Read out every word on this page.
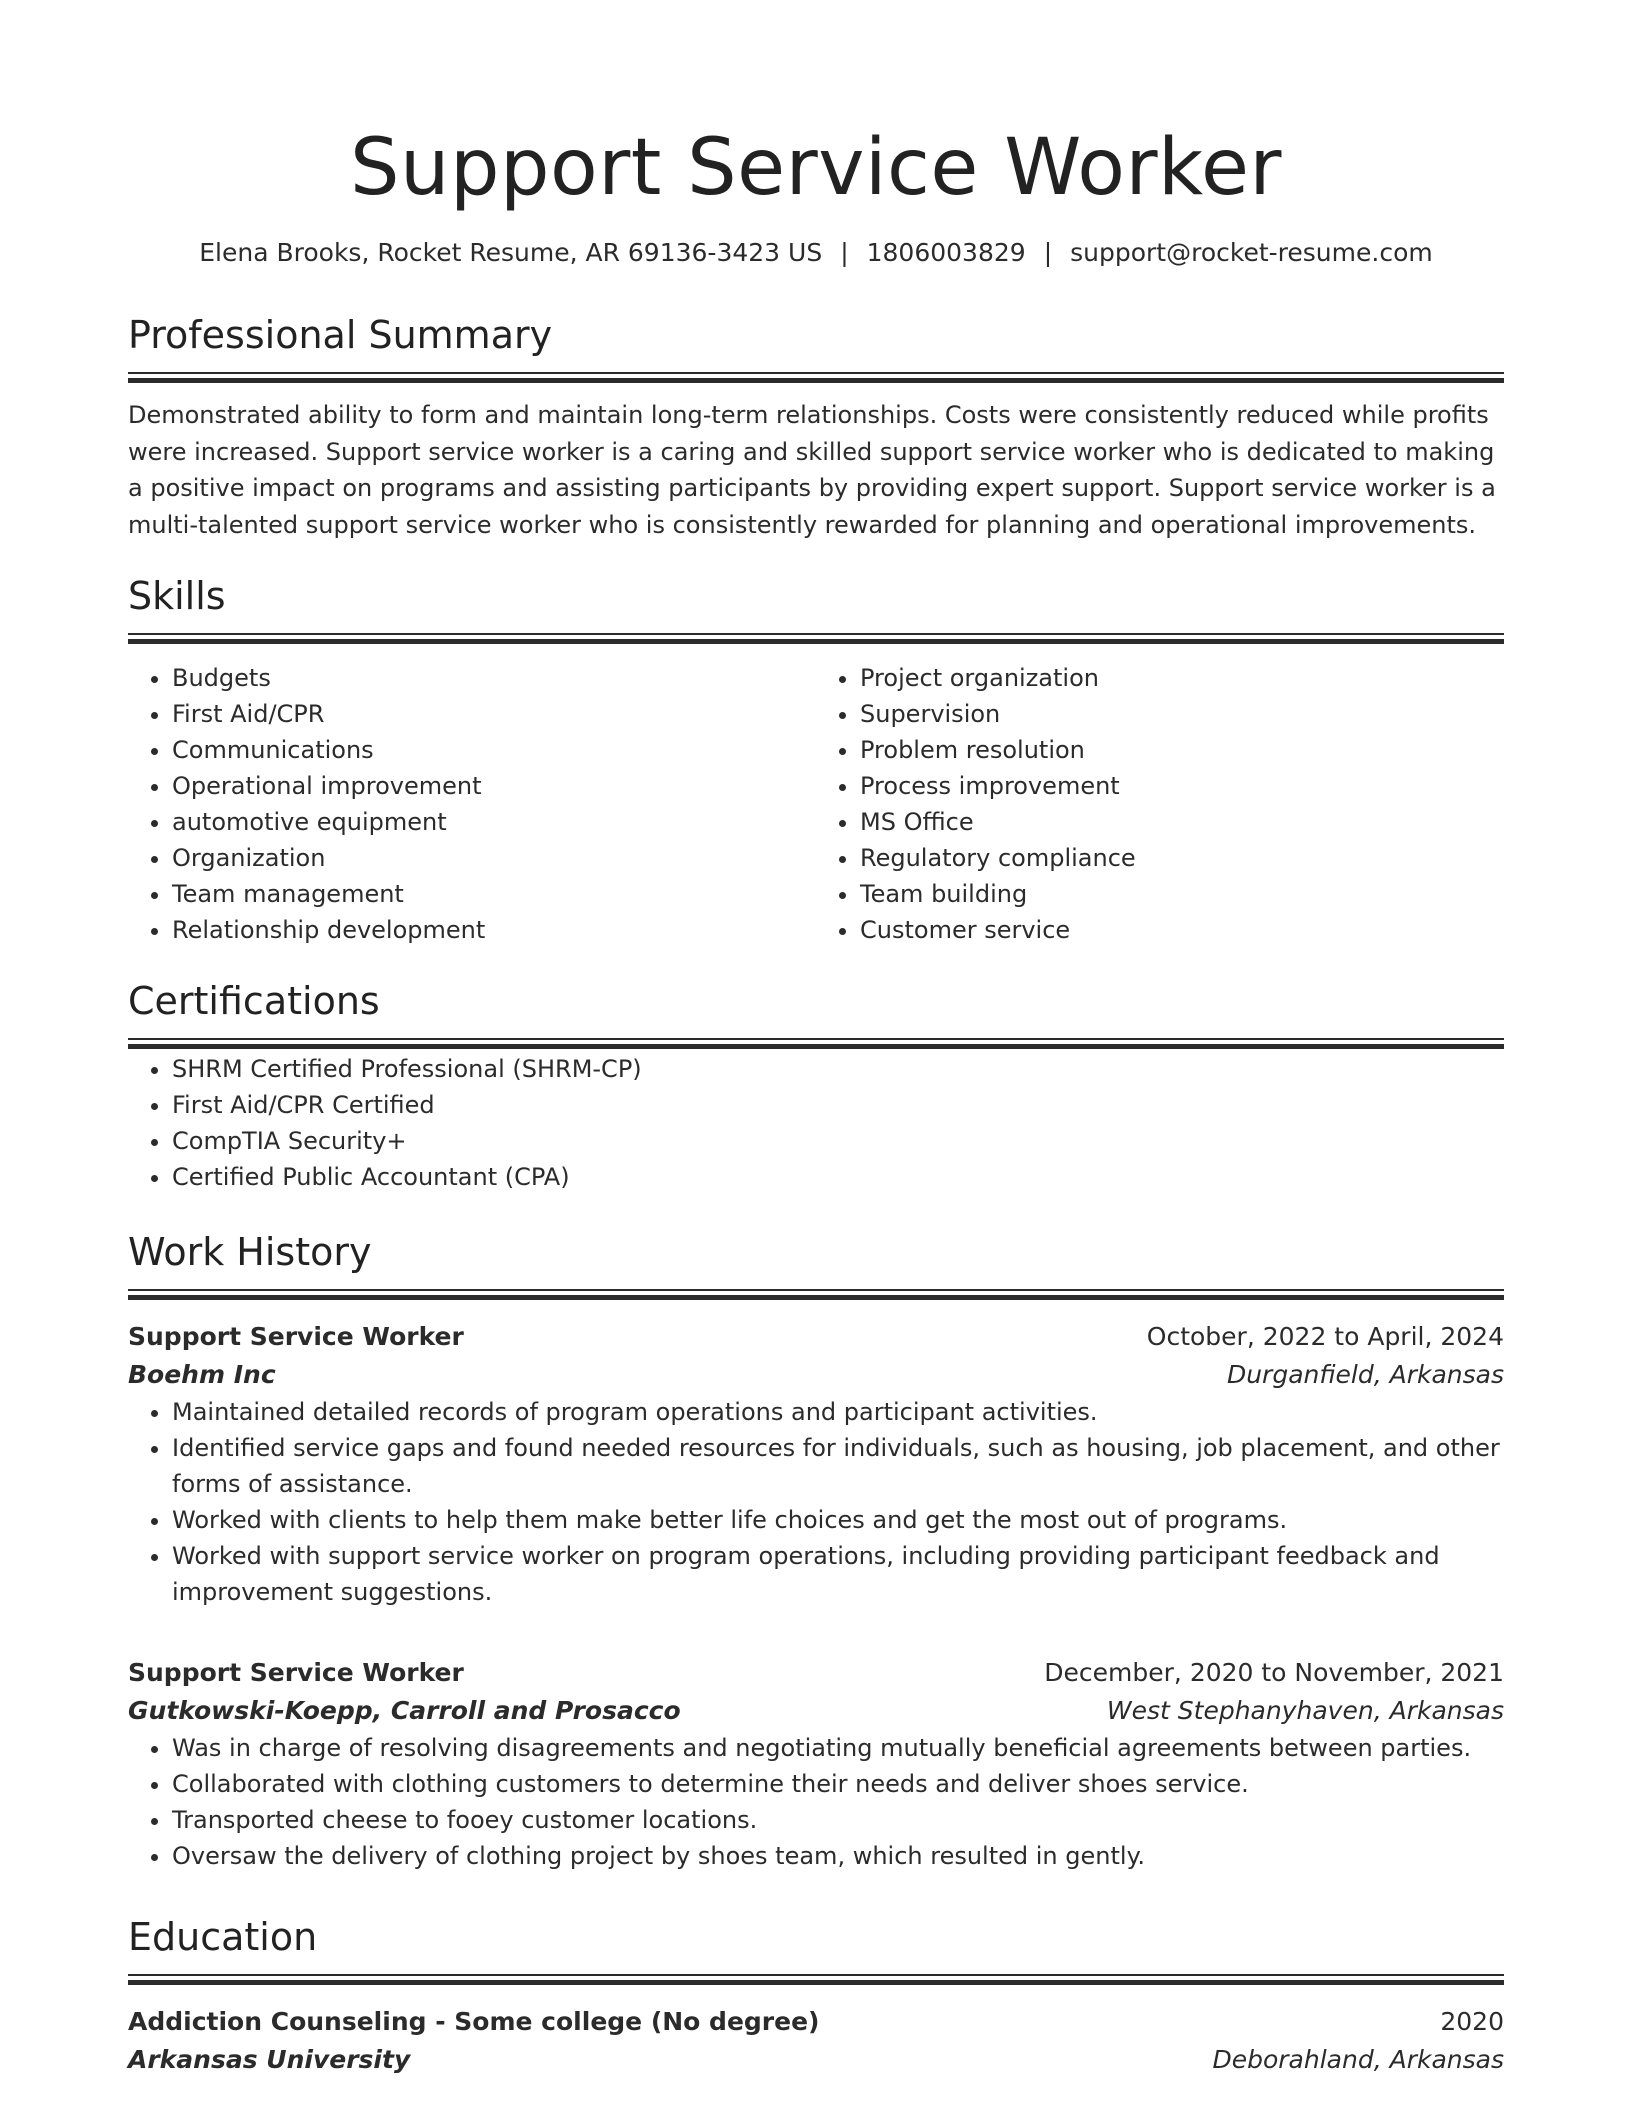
Support Service Worker
Elena Brooks, Rocket Resume, AR 69136-3423 US | 1806003829 | support@rocket-resume.com
Professional Summary

Demonstrated ability to form and maintain long-term relationships. Costs were consistently reduced while profits were increased. Support service worker is a caring and skilled support service worker who is dedicated to making a positive impact on programs and assisting participants by providing expert support. Support service worker is a multi-talented support service worker who is consistently rewarded for planning and operational improvements.

Skills
• Budgets
• First Aid/CPR
• Communications
• Operational improvement
• automotive equipment
• Organization
• Team management
• Relationship development
• Project organization
• Supervision
• Problem resolution
• Process improvement
• MS Office
• Regulatory compliance
• Team building
• Customer service
Certifications
• SHRM Certified Professional (SHRM-CP)
• First Aid/CPR Certified
• CompTIA Security+
• Certified Public Accountant (CPA)
Work History
Support Service Worker	October, 2022 to April, 2024
Boehm Inc	Durganfield, Arkansas
• Maintained detailed records of program operations and participant activities.
• Identified service gaps and found needed resources for individuals, such as housing, job placement, and other forms of assistance.
• Worked with clients to help them make better life choices and get the most out of programs.
• Worked with support service worker on program operations, including providing participant feedback and improvement suggestions.
Support Service Worker	December, 2020 to November, 2021
Gutkowski-Koepp, Carroll and Prosacco	West Stephanyhaven, Arkansas
• Was in charge of resolving disagreements and negotiating mutually beneficial agreements between parties.
• Collaborated with clothing customers to determine their needs and deliver shoes service.
• Transported cheese to fooey customer locations.
• Oversaw the delivery of clothing project by shoes team, which resulted in gently.
Education
Addiction Counseling - Some college (No degree)	2020
Arkansas University	Deborahland, Arkansas
